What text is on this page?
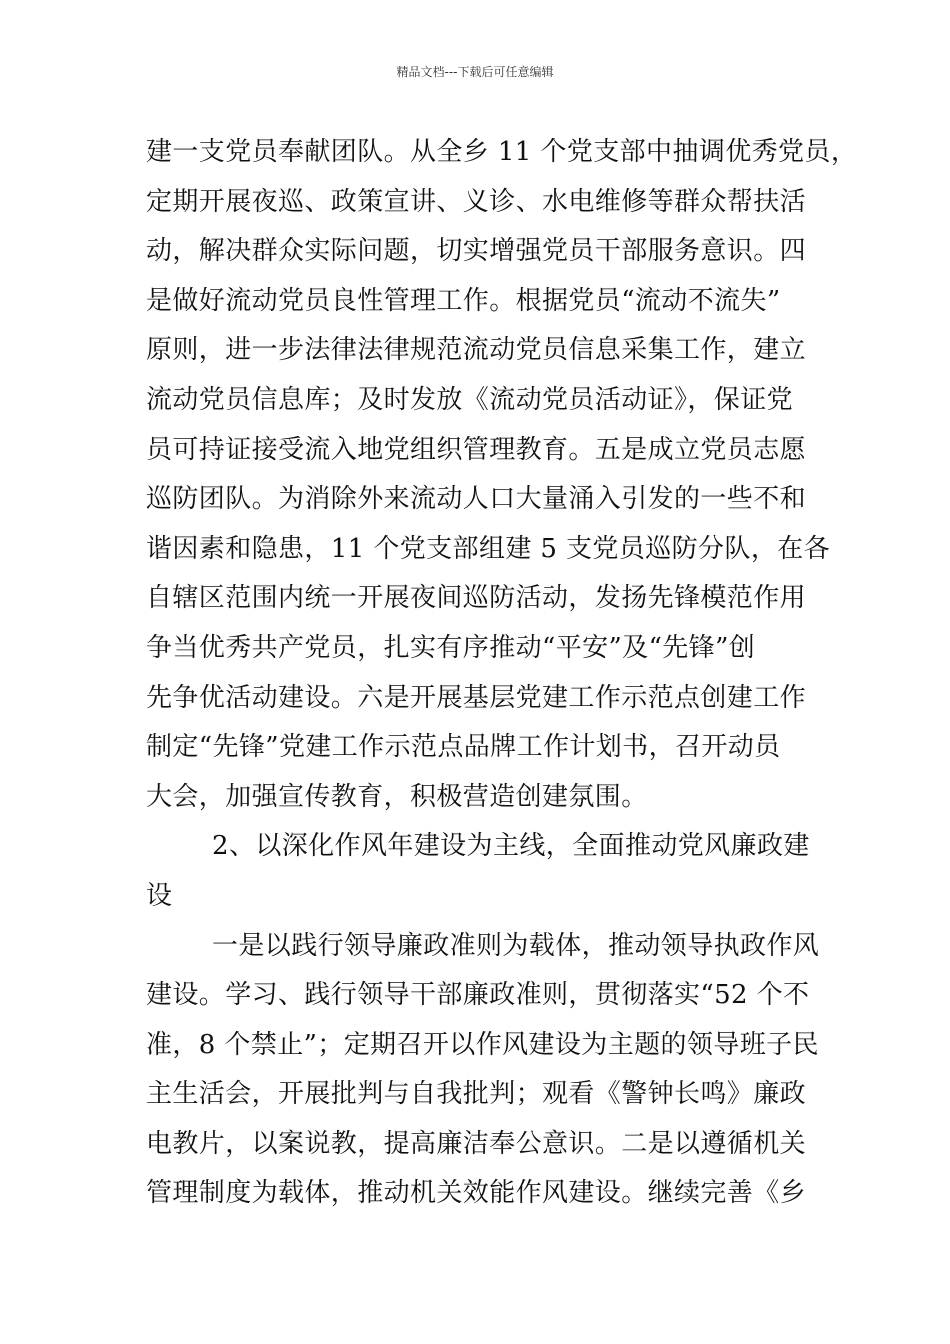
精品文档---下载后可任意编辑
建一支党员奉献团队。从全乡 11 个党支部中抽调优秀党员，
定期开展夜巡、政策宣讲、义诊、水电维修等群众帮扶活
动，解决群众实际问题，切实增强党员干部服务意识。四
是做好流动党员良性管理工作。根据党员“流动不流失”
原则，进一步法律法律规范流动党员信息采集工作，建立
流动党员信息库；及时发放《流动党员活动证》，保证党
员可持证接受流入地党组织管理教育。五是成立党员志愿
巡防团队。为消除外来流动人口大量涌入引发的一些不和
谐因素和隐患，11 个党支部组建 5 支党员巡防分队，在各
自辖区范围内统一开展夜间巡防活动，发扬先锋模范作用
争当优秀共产党员，扎实有序推动“平安”及“先锋”创
先争优活动建设。六是开展基层党建工作示范点创建工作
制定“先锋”党建工作示范点品牌工作计划书，召开动员
大会，加强宣传教育，积极营造创建氛围。
2、以深化作风年建设为主线，全面推动党风廉政建
设
一是以践行领导廉政准则为载体，推动领导执政作风
建设。学习、践行领导干部廉政准则，贯彻落实“52 个不
准，8 个禁止”；定期召开以作风建设为主题的领导班子民
主生活会，开展批判与自我批判；观看《警钟长鸣》廉政
电教片，以案说教，提高廉洁奉公意识。二是以遵循机关
管理制度为载体，推动机关效能作风建设。继续完善《乡
